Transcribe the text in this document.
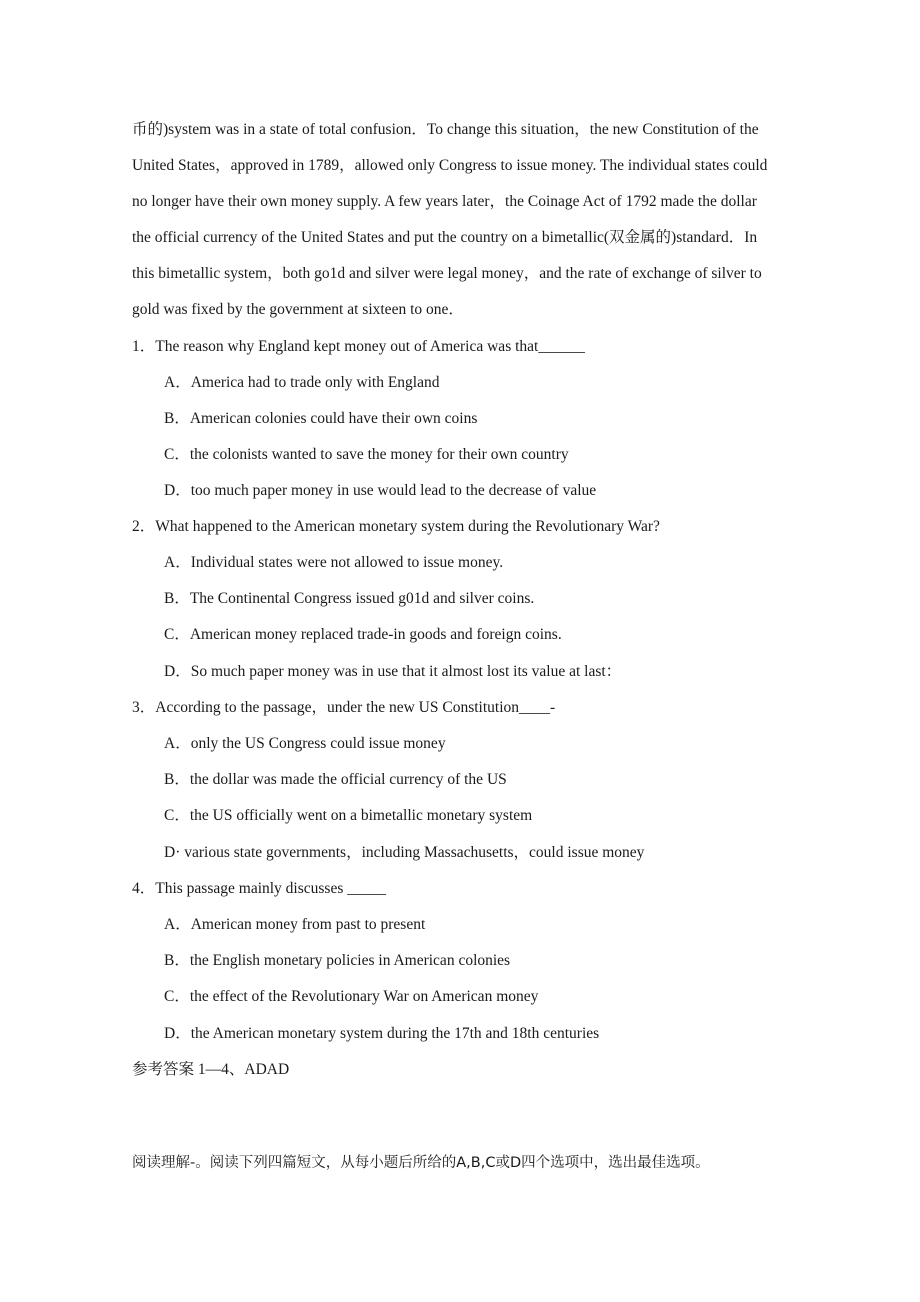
币的)system was in a state of total confusion．To change this situation，the new Constitution of the
United States，approved in 1789，allowed only Congress to issue money. The individual states could
no longer have their own money supply. A few years later，the Coinage Act of 1792 made the dollar
the official currency of the United States and put the country on a bimetallic(双金属的)standard．In
this bimetallic system，both go1d and silver were legal money，and the rate of exchange of silver to
gold was fixed by the government at sixteen to one．
1．The reason why England kept money out of America was that______
A．America had to trade only with England
B．American colonies could have their own coins
C．the colonists wanted to save the money for their own country
D．too much paper money in use would lead to the decrease of value
2．What happened to the American monetary system during the Revolutionary War?
A．Individual states were not allowed to issue money.
B．The Continental Congress issued g01d and silver coins.
C．American money replaced trade-in goods and foreign coins.
D．So much paper money was in use that it almost lost its value at last：
3．According to the passage，under the new US Constitution____-
A．only the US Congress could issue money
B．the dollar was made the official currency of the US
C．the US officially went on a bimetallic monetary system
D· various state governments，including Massachusetts，could issue money
4．This passage mainly discusses _____
A．American money from past to present
B．the English monetary policies in American colonies
C．the effect of the Revolutionary War on American money
D．the American monetary system during the 17th and 18th centuries
参考答案 1—4、ADAD
阅读理解-。阅读下列四篇短文，从每小题后所给的A,B,C或D四个选项中，选出最佳选项。
